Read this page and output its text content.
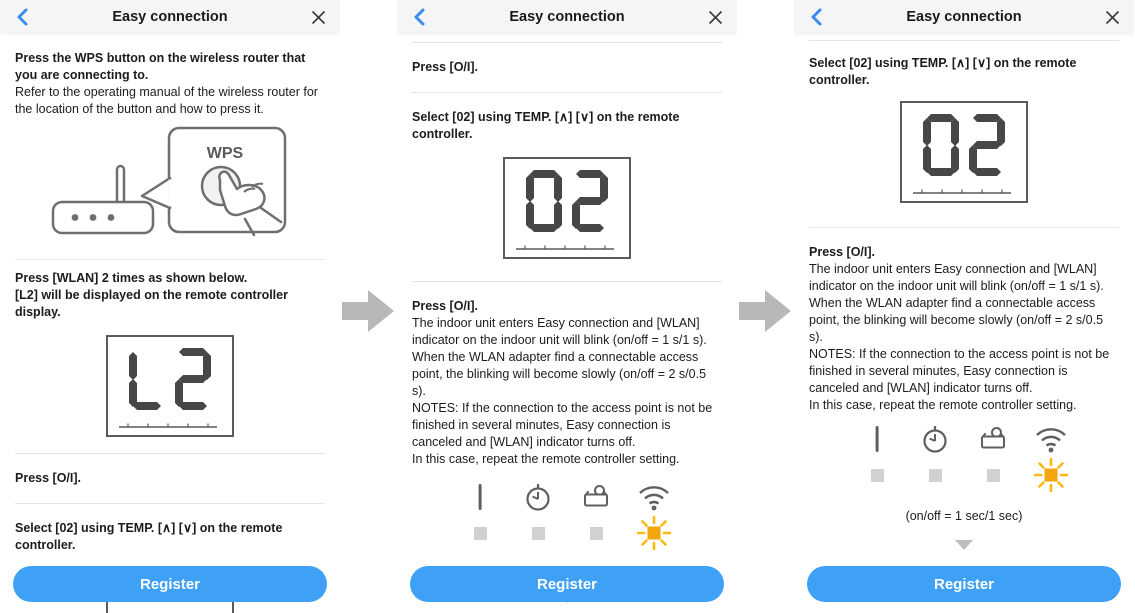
Easy connection

Press the WPS button on the wireless router that you are connecting to.

Refer to the operating manual of the wireless router for the location of the button and how to press it.

WPS

Press [WLAN] 2 times as shown below.

[L2] will be displayed on the remote controller display.

Press [O/I].

Select [02] using TEMP. [∧] [∨] on the remote controller.

Register
Easy connection

Press [O/I].

Select [02] using TEMP. [∧] [∨] on the remote controller.

Press [O/I].

The indoor unit enters Easy connection and [WLAN] indicator on the indoor unit will blink (on/off = 1 s/1 s). When the WLAN adapter find a connectable access point, the blinking will become slowly (on/off = 2 s/0.5 s).

NOTES: If the connection to the access point is not be finished in several minutes, Easy connection is canceled and [WLAN] indicator turns off.

In this case, repeat the remote controller setting.

Register
Easy connection

Select [02] using TEMP. [∧] [∨] on the remote controller.

Press [O/I].

The indoor unit enters Easy connection and [WLAN] indicator on the indoor unit will blink (on/off = 1 s/1 s). When the WLAN adapter find a connectable access point, the blinking will become slowly (on/off = 2 s/0.5 s).

NOTES: If the connection to the access point is not be finished in several minutes, Easy connection is canceled and [WLAN] indicator turns off.

In this case, repeat the remote controller setting.

(on/off = 1 sec/1 sec)

Register
